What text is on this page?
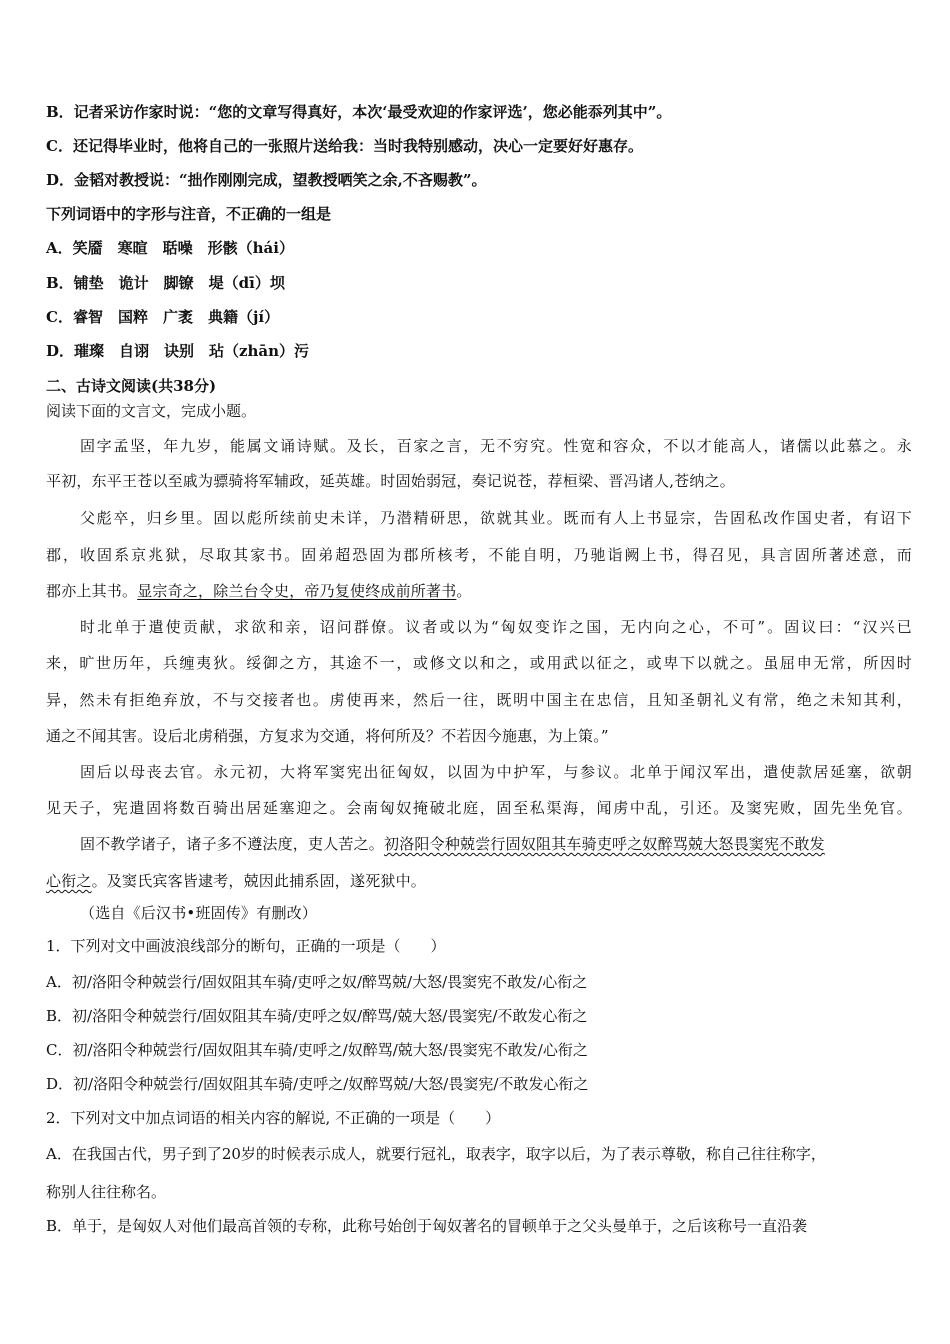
B．记者采访作家时说：“您的文章写得真好，本次‘最受欢迎的作家评选’，您必能忝列其中”。
C．还记得毕业时，他将自己的一张照片送给我：当时我特别感动，决心一定要好好惠存。
D．金韬对教授说：“拙作刚刚完成，望教授哂笑之余,不吝赐教”。
下列词语中的字形与注音，不正确的一组是
A．笑靥　寒暄　聒噪　形骸（hái）
B．铺垫　诡计　脚镣　堤（dī）坝
C．睿智　国粹　广袤　典籍（jí）
D．璀璨　自诩　诀别　玷（zhān）污
二、古诗文阅读(共38分)
阅读下面的文言文，完成小题。
固字孟坚，年九岁，能属文诵诗赋。及长，百家之言，无不穷究。性宽和容众，不以才能高人，诸儒以此慕之。永
平初，东平王苍以至戚为骠骑将军辅政，延英雄。时固始弱冠，奏记说苍，荐桓梁、晋冯诸人,苍纳之。
父彪卒，归乡里。固以彪所续前史未详，乃潜精研思，欲就其业。既而有人上书显宗，告固私改作国史者，有诏下
郡，收固系京兆狱，尽取其家书。固弟超恐固为郡所核考，不能自明，乃驰诣阙上书，得召见，具言固所著述意，而
郡亦上其书。显宗奇之，除兰台令史，帝乃复使终成前所著书。
时北单于遣使贡献，求欲和亲，诏问群僚。议者或以为“匈奴变诈之国，无内向之心，不可”。固议曰：“汉兴已
来，旷世历年，兵缠夷狄。绥御之方，其途不一，或修文以和之，或用武以征之，或卑下以就之。虽屈申无常，所因时
异，然未有拒绝弃放，不与交接者也。虏使再来，然后一往，既明中国主在忠信，且知圣朝礼义有常，绝之未知其利，
通之不闻其害。设后北虏稍强，方复求为交通，将何所及？不若因今施惠，为上策。”
固后以母丧去官。永元初，大将军窦宪出征匈奴，以固为中护军，与参议。北单于闻汉军出，遣使款居延塞，欲朝
见天子，宪遣固将数百骑出居延塞迎之。会南匈奴掩破北庭，固至私渠海，闻虏中乱，引还。及窦宪败，固先坐免官。
固不教学诸子，诸子多不遵法度，吏人苦之。初洛阳令种兢尝行固奴阻其车骑吏呼之奴醉骂兢大怒畏窦宪不敢发
心衔之。及窦氏宾客皆逮考，兢因此捕系固，遂死狱中。
（选自《后汉书•班固传》有删改）
1．下列对文中画波浪线部分的断句，正确的一项是（　　）
A．初/洛阳令种兢尝行/固奴阻其车骑/吏呼之奴/醉骂兢/大怒/畏窦宪不敢发/心衔之
B．初/洛阳令种兢尝行/固奴阻其车骑/吏呼之奴/醉骂/兢大怒/畏窦宪/不敢发心衔之
C．初/洛阳令种兢尝行/固奴阻其车骑/吏呼之/奴醉骂/兢大怒/畏窦宪不敢发/心衔之
D．初/洛阳令种兢尝行/固奴阻其车骑/吏呼之/奴醉骂兢/大怒/畏窦宪/不敢发心衔之
2．下列对文中加点词语的相关内容的解说, 不正确的一项是（　　）
A．在我国古代，男子到了20岁的时候表示成人，就要行冠礼，取表字，取字以后，为了表示尊敬，称自己往往称字，
称别人往往称名。
B．单于，是匈奴人对他们最高首领的专称，此称号始创于匈奴著名的冒顿单于之父头曼单于，之后该称号一直沿袭
